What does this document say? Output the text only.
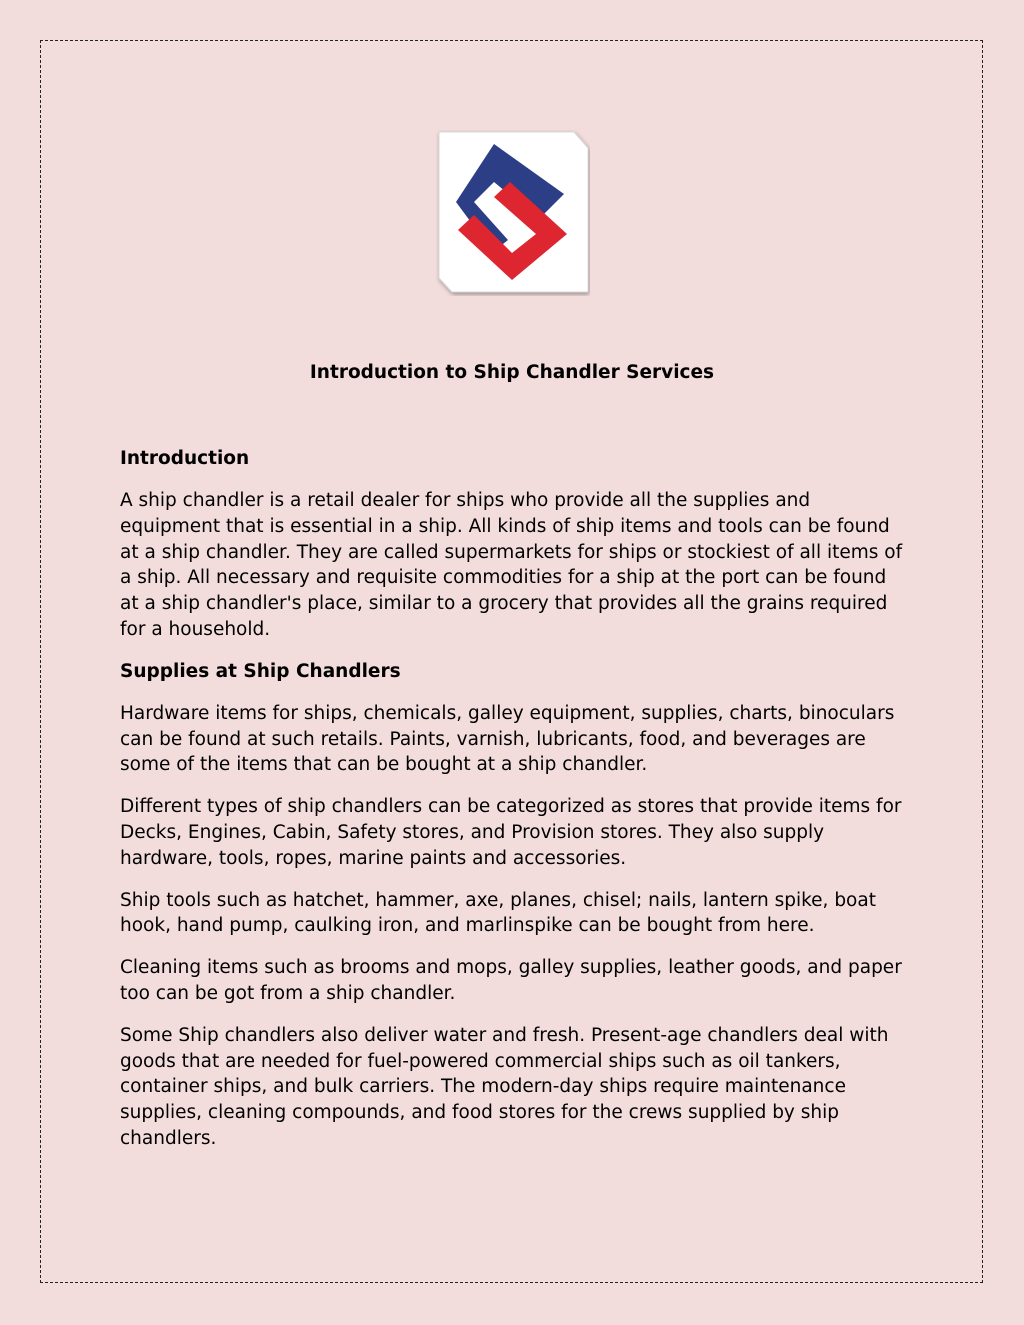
Introduction to Ship Chandler Services
Introduction

A ship chandler is a retail dealer for ships who provide all the supplies and equipment that is essential in a ship. All kinds of ship items and tools can be found at a ship chandler. They are called supermarkets for ships or stockiest of all items of a ship. All necessary and requisite commodities for a ship at the port can be found at a ship chandler's place, similar to a grocery that provides all the grains required for a household.

Supplies at Ship Chandlers

Hardware items for ships, chemicals, galley equipment, supplies, charts, binoculars can be found at such retails. Paints, varnish, lubricants, food, and beverages are some of the items that can be bought at a ship chandler.

Different types of ship chandlers can be categorized as stores that provide items for Decks, Engines, Cabin, Safety stores, and Provision stores. They also supply hardware, tools, ropes, marine paints and accessories.

Ship tools such as hatchet, hammer, axe, planes, chisel; nails, lantern spike, boat hook, hand pump, caulking iron, and marlinspike can be bought from here.

Cleaning items such as brooms and mops, galley supplies, leather goods, and paper too can be got from a ship chandler.

Some Ship chandlers also deliver water and fresh. Present-age chandlers deal with goods that are needed for fuel-powered commercial ships such as oil tankers, container ships, and bulk carriers. The modern-day ships require maintenance supplies, cleaning compounds, and food stores for the crews supplied by ship chandlers.
